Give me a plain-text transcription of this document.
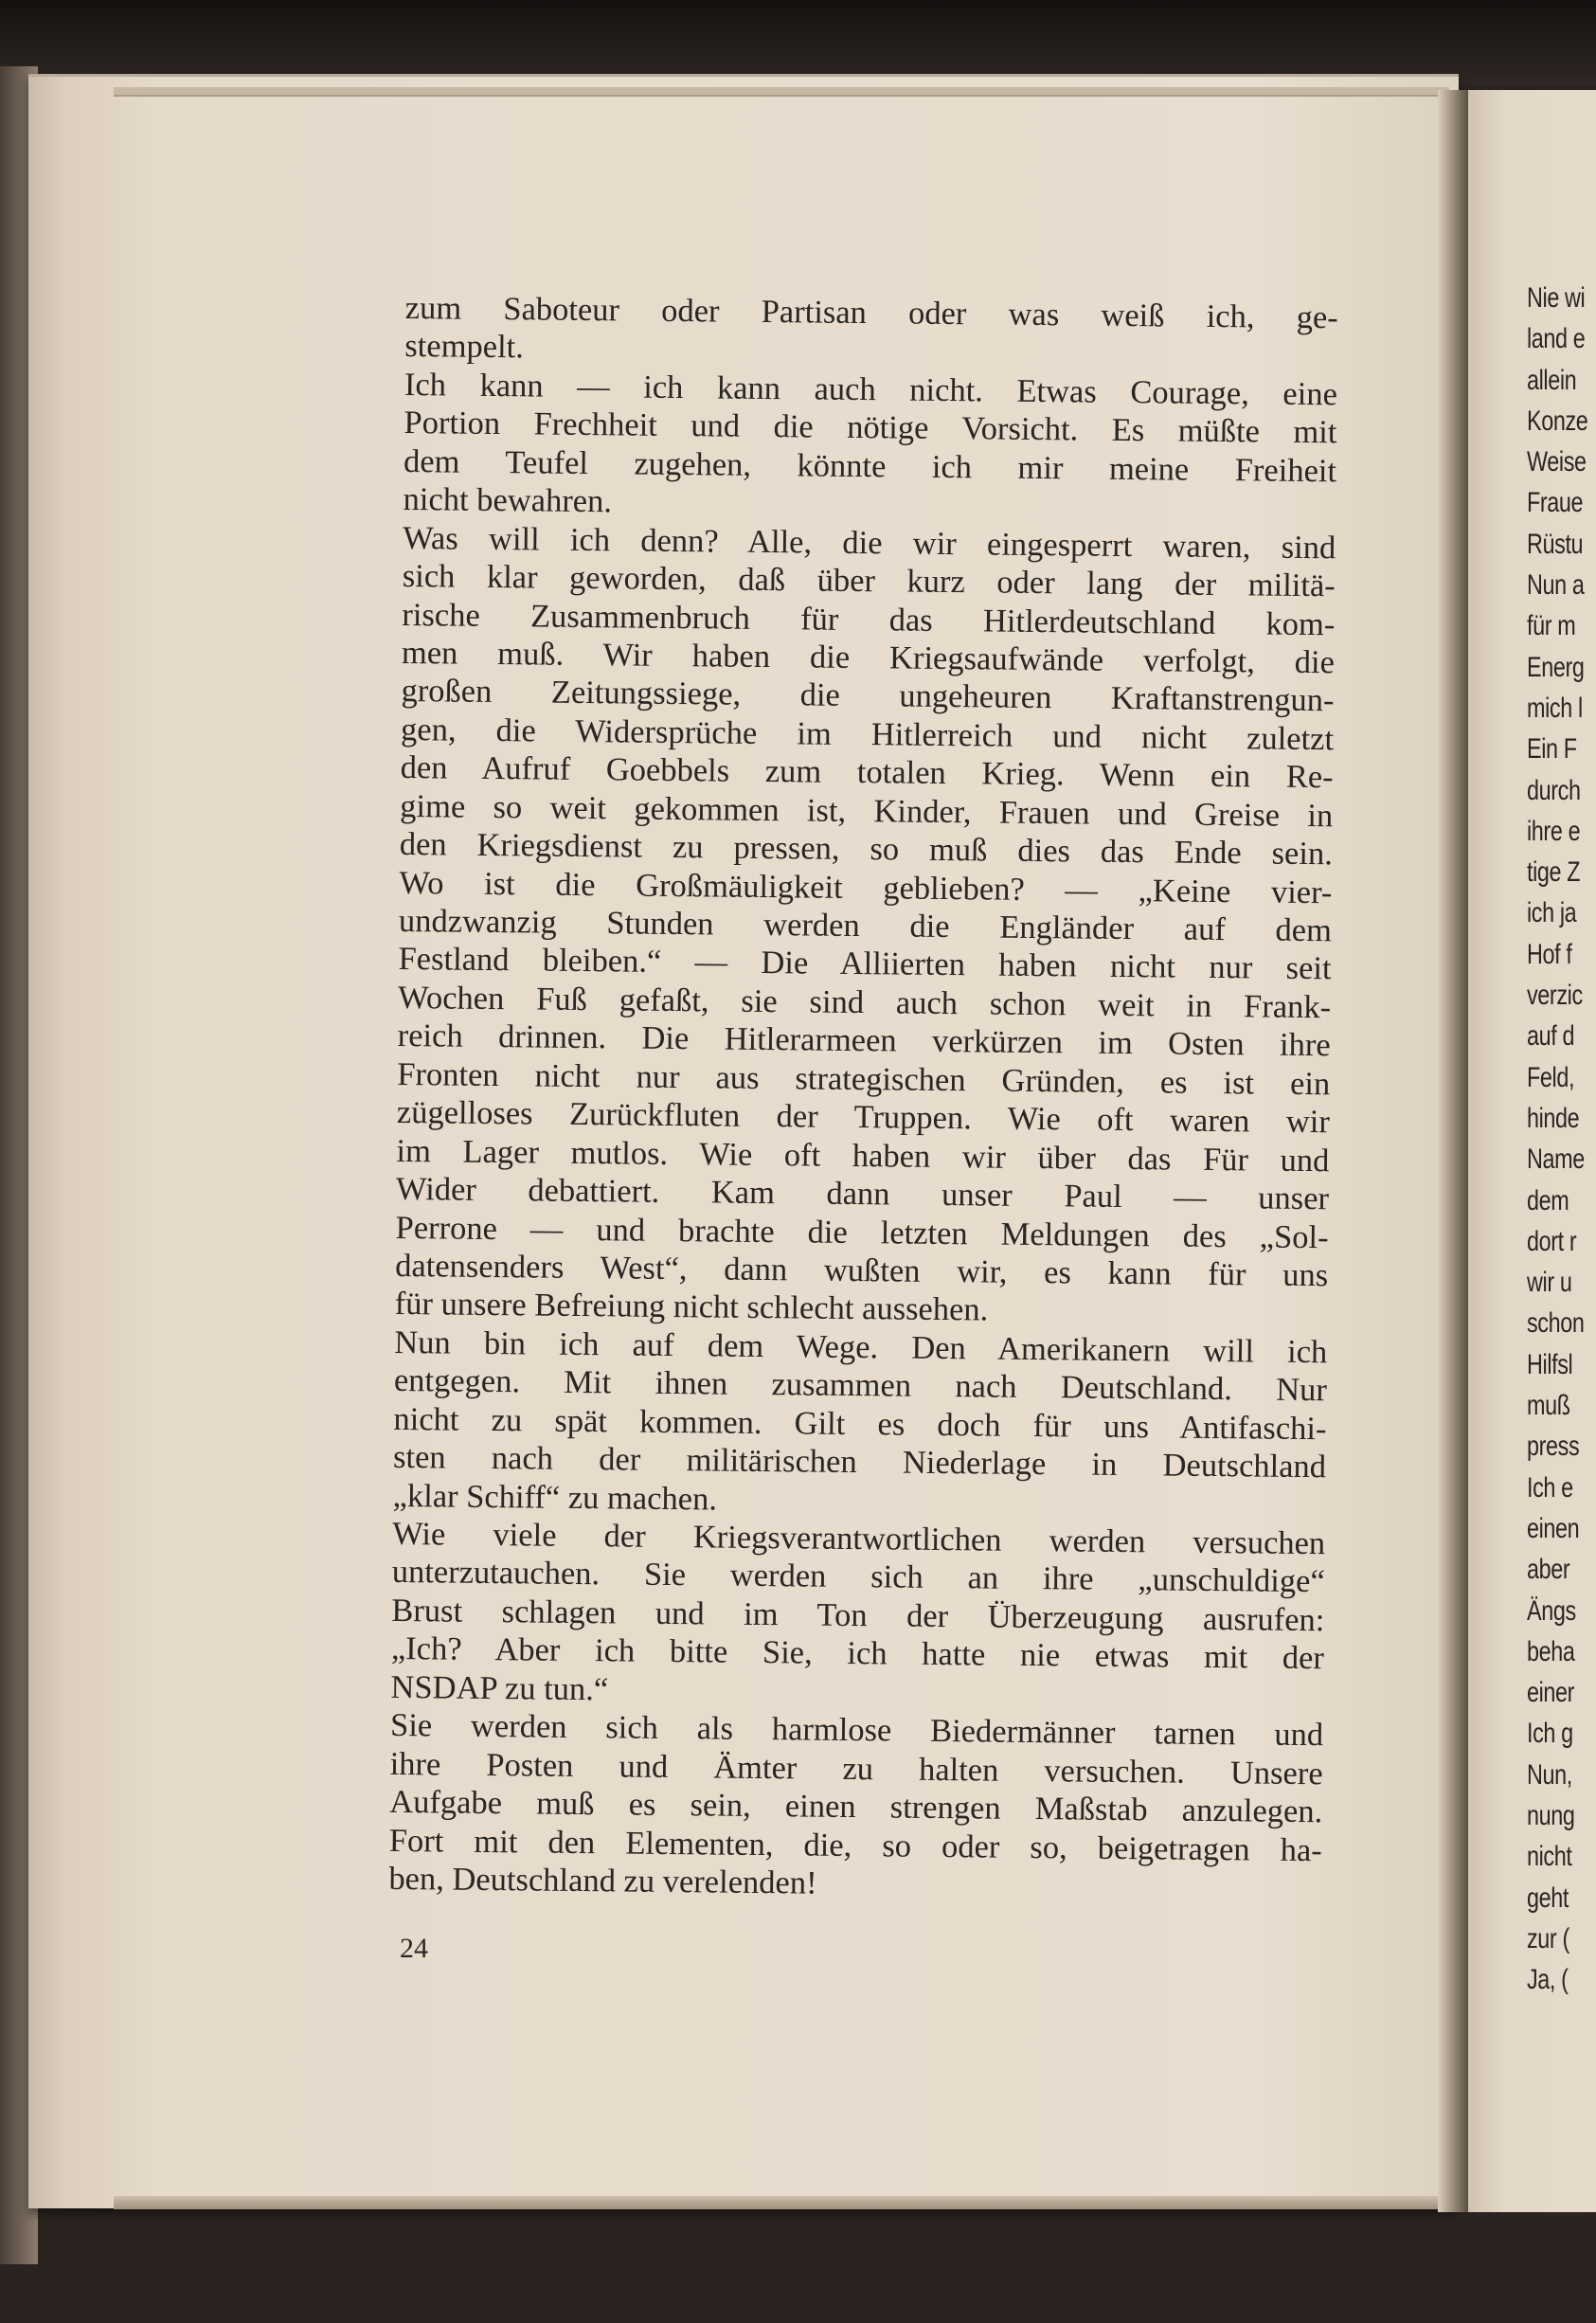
Nie wi
land e
allein
Konze
Weise
Fraue
Rüstu
Nun a
für m
Energ
mich l
Ein F
durch
ihre e
tige Z
ich ja
Hof f
verzic
auf d
Feld,
hinde
Name
dem
dort r
wir u
schon
Hilfsl
muß
press
Ich e
einen
aber
Ängs
beha
einer
Ich g
Nun,
nung
nicht
geht
zur (
Ja, (
zum Saboteur oder Partisan oder was weiß ich, ge-
stempelt.
Ich kann — ich kann auch nicht. Etwas Courage, eine
Portion Frechheit und die nötige Vorsicht. Es müßte mit
dem Teufel zugehen, könnte ich mir meine Freiheit
nicht bewahren.
Was will ich denn? Alle, die wir eingesperrt waren, sind
sich klar geworden, daß über kurz oder lang der militä-
rische Zusammenbruch für das Hitlerdeutschland kom-
men muß. Wir haben die Kriegsaufwände verfolgt, die
großen Zeitungssiege, die ungeheuren Kraftanstrengun-
gen, die Widersprüche im Hitlerreich und nicht zuletzt
den Aufruf Goebbels zum totalen Krieg. Wenn ein Re-
gime so weit gekommen ist, Kinder, Frauen und Greise in
den Kriegsdienst zu pressen, so muß dies das Ende sein.
Wo ist die Großmäuligkeit geblieben? — „Keine vier-
undzwanzig Stunden werden die Engländer auf dem
Festland bleiben.“ — Die Alliierten haben nicht nur seit
Wochen Fuß gefaßt, sie sind auch schon weit in Frank-
reich drinnen. Die Hitlerarmeen verkürzen im Osten ihre
Fronten nicht nur aus strategischen Gründen, es ist ein
zügelloses Zurückfluten der Truppen. Wie oft waren wir
im Lager mutlos. Wie oft haben wir über das Für und
Wider debattiert. Kam dann unser Paul — unser
Perrone — und brachte die letzten Meldungen des „Sol-
datensenders West“, dann wußten wir, es kann für uns
für unsere Befreiung nicht schlecht aussehen.
Nun bin ich auf dem Wege. Den Amerikanern will ich
entgegen. Mit ihnen zusammen nach Deutschland. Nur
nicht zu spät kommen. Gilt es doch für uns Antifaschi-
sten nach der militärischen Niederlage in Deutschland
„klar Schiff“ zu machen.
Wie viele der Kriegsverantwortlichen werden versuchen
unterzutauchen. Sie werden sich an ihre „unschuldige“
Brust schlagen und im Ton der Überzeugung ausrufen:
„Ich? Aber ich bitte Sie, ich hatte nie etwas mit der
NSDAP zu tun.“
Sie werden sich als harmlose Biedermänner tarnen und
ihre Posten und Ämter zu halten versuchen. Unsere
Aufgabe muß es sein, einen strengen Maßstab anzulegen.
Fort mit den Elementen, die, so oder so, beigetragen ha-
ben, Deutschland zu verelenden!
24
